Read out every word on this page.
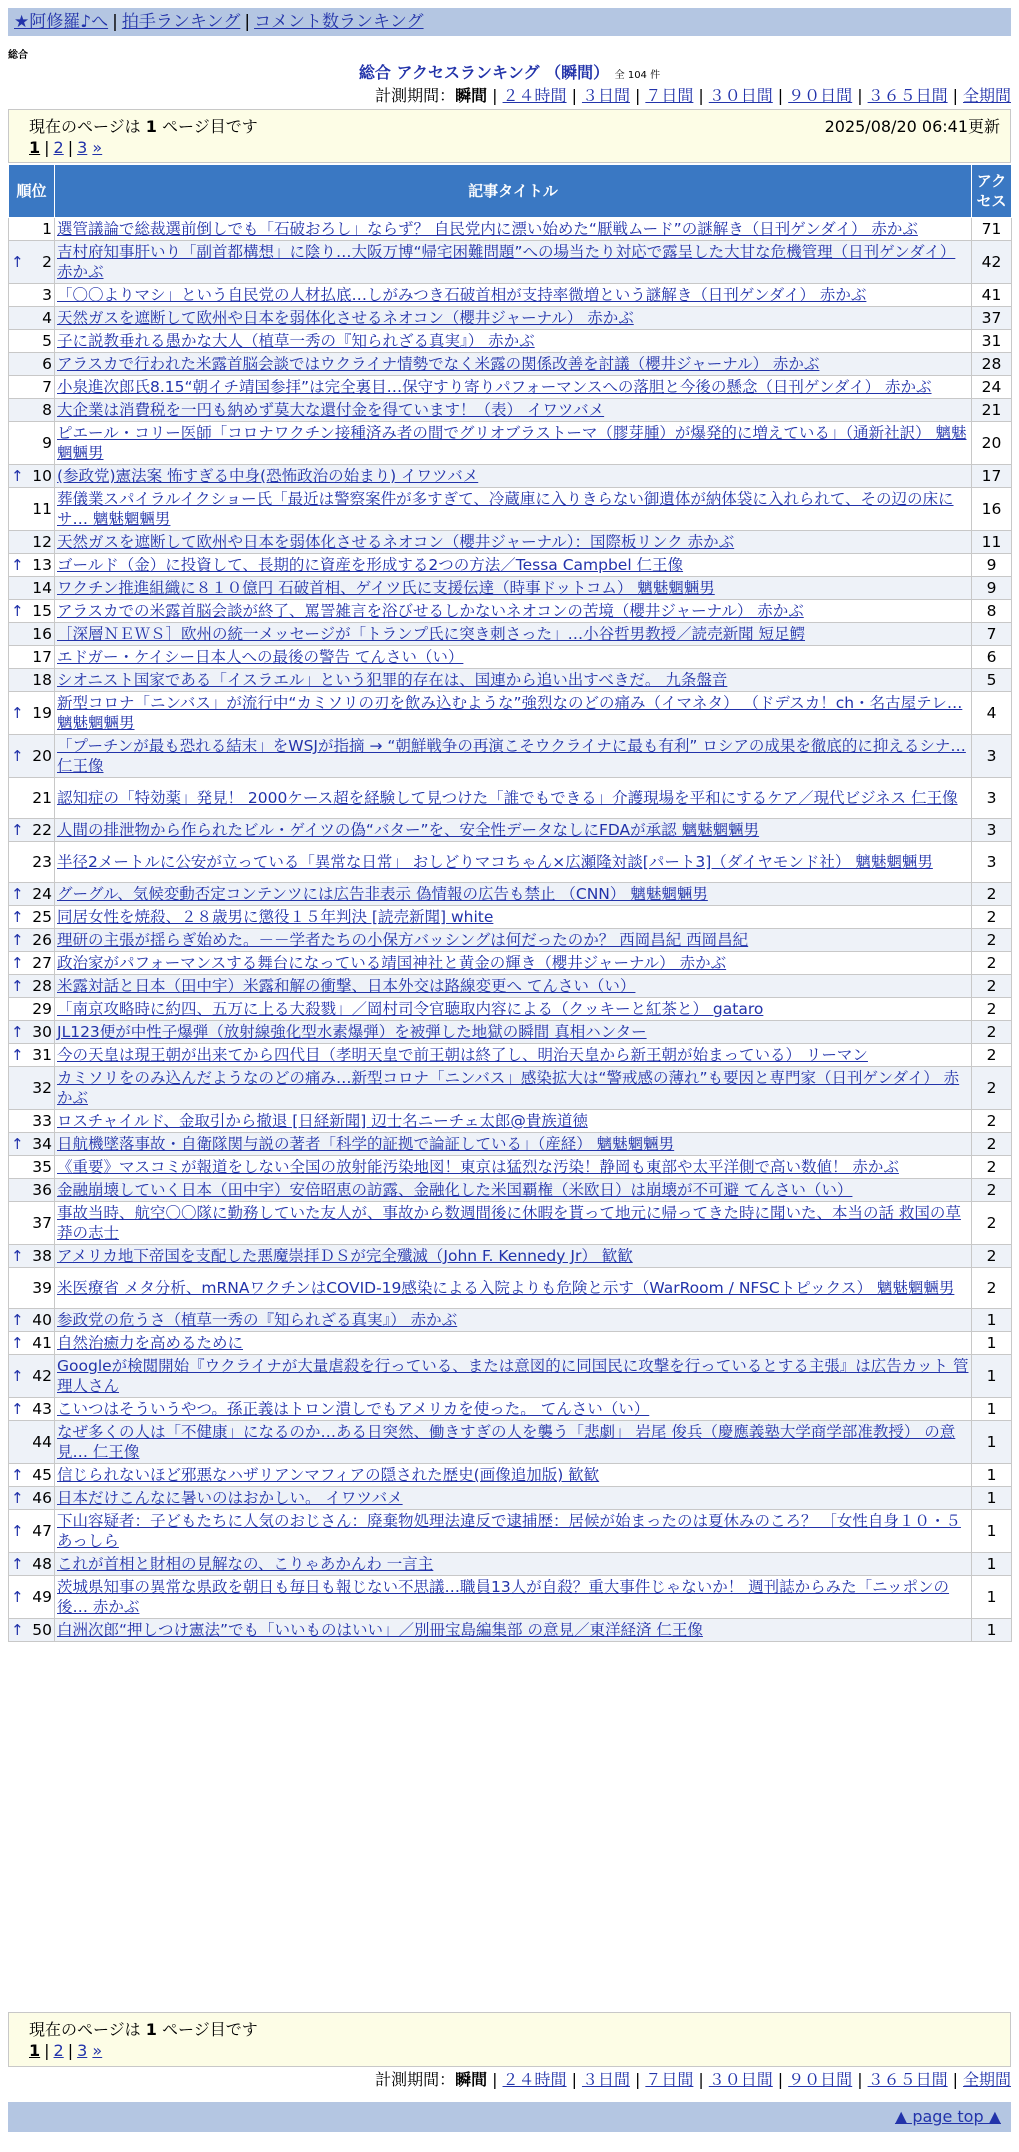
★阿修羅♪へ | 拍手ランキング | コメント数ランキング
総合
総合 アクセスランキング （瞬間） 全 104 件
計測期間：瞬間 | ２４時間 | ３日間 | ７日間 | ３０日間 | ９０日間 | ３６５日間 | 全期間
現在のページは 1 ページ目です	2025/08/20 06:41更新
1 | 2 | 3 »
順位	記事タイトル	アクセス
1	選管議論で総裁選前倒しでも「石破おろし」ならず？ 自民党内に漂い始めた“厭戦ムード”の謎解き（日刊ゲンダイ） 赤かぶ	71

↑ 2	吉村府知事肝いり「副首都構想」に陰り…大阪万博“帰宅困難問題”への場当たり対応で露呈した大甘な危機管理（日刊ゲンダイ） 赤かぶ	42
3	「〇〇よりマシ」という自民党の人材払底…しがみつき石破首相が支持率微増という謎解き（日刊ゲンダイ） 赤かぶ	41
4	天然ガスを遮断して欧州や日本を弱体化させるネオコン（櫻井ジャーナル） 赤かぶ	37
5	子に説教垂れる愚かな大人（植草一秀の『知られざる真実』） 赤かぶ	31
6	アラスカで行われた米露首脳会談ではウクライナ情勢でなく米露の関係改善を討議（櫻井ジャーナル） 赤かぶ	28
7	小泉進次郎氏8.15“朝イチ靖国参拝”は完全裏目…保守すり寄りパフォーマンスへの落胆と今後の懸念（日刊ゲンダイ） 赤かぶ	24
8	大企業は消費税を一円も納めず莫大な還付金を得ています！（表） イワツバメ	21
9	ピエール・コリー医師「コロナワクチン接種済み者の間でグリオブラストーマ（膠芽腫）が爆発的に増えている」（通新社訳） 魑魅魍魎男	20

↑ 10	(参政党)憲法案 怖すぎる中身(恐怖政治の始まり) イワツバメ	17
11	葬儀業スパイラルイクショー氏「最近は警察案件が多すぎて、冷蔵庫に入りきらない御遺体が納体袋に入れられて、その辺の床にサ… 魑魅魍魎男	16
12	天然ガスを遮断して欧州や日本を弱体化させるネオコン（櫻井ジャーナル）：国際板リンク 赤かぶ	11

↑ 13	ゴールド（金）に投資して、長期的に資産を形成する2つの方法／Tessa Campbel 仁王像	9
14	ワクチン推進組織に８１０億円 石破首相、ゲイツ氏に支援伝達（時事ドットコム） 魑魅魍魎男	9

↑ 15	アラスカでの米露首脳会談が終了、罵詈雑言を浴びせるしかないネオコンの苦境（櫻井ジャーナル） 赤かぶ	8
16	［深層ＮＥＷＳ］欧州の統一メッセージが「トランプ氏に突き刺さった」…小谷哲男教授／読売新聞 短足鰐	7
17	エドガー・ケイシー日本人への最後の警告 てんさい（い）	6
18	シオニスト国家である「イスラエル」という犯罪的存在は、国連から追い出すべきだ。 九条盤音	5

↑ 19	新型コロナ「ニンバス」が流行中“カミソリの刃を飲み込むような”強烈なのどの痛み（イマネタ） （ドデスカ！ch・名古屋テレ… 魑魅魍魎男	4

↑ 20	「プーチンが最も恐れる結末」をWSJが指摘 → “朝鮮戦争の再演こそウクライナに最も有利” ロシアの成果を徹底的に抑えるシナ… 仁王像	3
21	認知症の「特効薬」発見！ 2000ケース超を経験して見つけた「誰でもできる」介護現場を平和にするケア／現代ビジネス 仁王像	3

↑ 22	人間の排泄物から作られたビル・ゲイツの偽“バター”を、安全性データなしにFDAが承認 魑魅魍魎男	3
23	半径2メートルに公安が立っている「異常な日常」 おしどりマコちゃん×広瀬隆対談[パート3]（ダイヤモンド社） 魑魅魍魎男	3

↑ 24	グーグル、気候変動否定コンテンツには広告非表示 偽情報の広告も禁止 （CNN） 魑魅魍魎男	2

↑ 25	同居女性を焼殺、２８歳男に懲役１５年判決 [読売新聞] white	2

↑ 26	理研の主張が揺らぎ始めた。－－学者たちの小保方バッシングは何だったのか？ 西岡昌紀 西岡昌紀	2

↑ 27	政治家がパフォーマンスする舞台になっている靖国神社と黄金の輝き（櫻井ジャーナル） 赤かぶ	2

↑ 28	米露対話と日本（田中宇）米露和解の衝撃、日本外交は路線変更へ てんさい（い）	2
29	「南京攻略時に約四、五万に上る大殺戮」／岡村司令官聴取内容による（クッキーと紅茶と） gataro	2

↑ 30	JL123便が中性子爆弾（放射線強化型水素爆弾）を被弾した地獄の瞬間 真相ハンター	2

↑ 31	今の天皇は現王朝が出来てから四代目（孝明天皇で前王朝は終了し、明治天皇から新王朝が始まっている） リーマン	2
32	カミソリをのみ込んだようなのどの痛み…新型コロナ「ニンバス」感染拡大は“警戒感の薄れ”も要因と専門家（日刊ゲンダイ） 赤かぶ	2
33	ロスチャイルド、金取引から撤退 [日経新聞] 辺士名ニーチェ太郎@貴族道徳	2

↑ 34	日航機墜落事故・自衛隊関与説の著者「科学的証拠で論証している」（産経） 魑魅魍魎男	2
35	《重要》マスコミが報道をしない全国の放射能汚染地図！東京は猛烈な汚染！静岡も東部や太平洋側で高い数値！ 赤かぶ	2
36	金融崩壊していく日本（田中宇）安倍昭恵の訪露、金融化した米国覇権（米欧日）は崩壊が不可避 てんさい（い）	2
37	事故当時、航空〇〇隊に勤務していた友人が、事故から数週間後に休暇を貰って地元に帰ってきた時に聞いた、本当の話 救国の草莽の志士	2

↑ 38	アメリカ地下帝国を支配した悪魔崇拝ＤＳが完全殲滅（John F. Kennedy Jr） 歓歓	2
39	米医療省 メタ分析、mRNAワクチンはCOVID-19感染による入院よりも危険と示す（WarRoom / NFSCトピックス） 魑魅魍魎男	2

↑ 40	参政党の危うさ（植草一秀の『知られざる真実』） 赤かぶ	1

↑ 41	自然治癒力を高めるために	1

↑ 42	Googleが検閲開始『ウクライナが大量虐殺を行っている、または意図的に同国民に攻撃を行っているとする主張』は広告カット 管理人さん	1

↑ 43	こいつはそういうやつ。孫正義はトロン潰しでもアメリカを使った。 てんさい（い）	1
44	なぜ多くの人は「不健康」になるのか…ある日突然、働きすぎの人を襲う「悲劇」 岩尾 俊兵（慶應義塾大学商学部准教授） の意見… 仁王像	1

↑ 45	信じられないほど邪悪なハザリアンマフィアの隠された歴史(画像追加版) 歓歓	1

↑ 46	日本だけこんなに暑いのはおかしい。 イワツバメ	1

↑ 47	下山容疑者：子どもたちに人気のおじさん：廃棄物処理法違反で逮捕歴：居候が始まったのは夏休みのころ？ ［女性自身１０・５ あっしら	1

↑ 48	これが首相と財相の見解なの、こりゃあかんわ 一言主	1

↑ 49	茨城県知事の異常な県政を朝日も毎日も報じない不思議…職員13人が自殺？重大事件じゃないか！ 週刊誌からみた「ニッポンの後… 赤かぶ	1

↑ 50	白洲次郎“押しつけ憲法”でも「いいものはいい」／別冊宝島編集部 の意見／東洋経済 仁王像	1
現在のページは 1 ページ目です
1 | 2 | 3 »
計測期間：瞬間 | ２４時間 | ３日間 | ７日間 | ３０日間 | ９０日間 | ３６５日間 | 全期間
▲ page top ▲
